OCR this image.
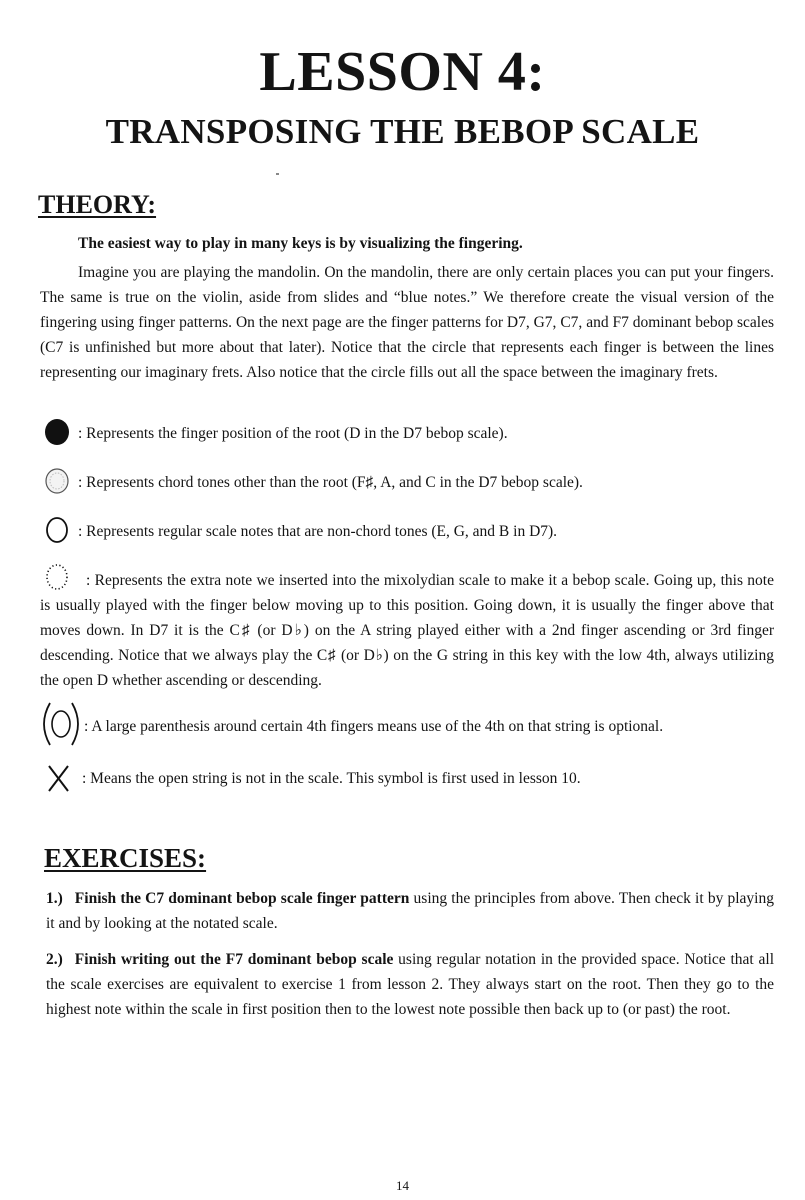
LESSON 4:
TRANSPOSING THE BEBOP SCALE
THEORY:
The easiest way to play in many keys is by visualizing the fingering.
Imagine you are playing the mandolin. On the mandolin, there are only certain places you can put your fingers. The same is true on the violin, aside from slides and “blue notes.” We therefore create the visual version of the fingering using finger patterns. On the next page are the finger patterns for D7, G7, C7, and F7 dominant bebop scales (C7 is unfinished but more about that later). Notice that the circle that represents each finger is between the lines representing our imaginary frets. Also notice that the circle fills out all the space between the imaginary frets.
: Represents the finger position of the root (D in the D7 bebop scale).
: Represents chord tones other than the root (F♯, A, and C in the D7 bebop scale).
: Represents regular scale notes that are non-chord tones (E, G, and B in D7).
: Represents the extra note we inserted into the mixolydian scale to make it a bebop scale. Going up, this note is usually played with the finger below moving up to this position. Going down, it is usually the finger above that moves down. In D7 it is the C♯ (or D♭) on the A string played either with a 2nd finger ascending or 3rd finger descending. Notice that we always play the C♯ (or D♭) on the G string in this key with the low 4th, always utilizing the open D whether ascending or descending.
: A large parenthesis around certain 4th fingers means use of the 4th on that string is optional.
: Means the open string is not in the scale. This symbol is first used in lesson 10.
EXERCISES:
1.) Finish the C7 dominant bebop scale finger pattern using the principles from above. Then check it by playing it and by looking at the notated scale.
2.) Finish writing out the F7 dominant bebop scale using regular notation in the provided space. Notice that all the scale exercises are equivalent to exercise 1 from lesson 2. They always start on the root. Then they go to the highest note within the scale in first position then to the lowest note possible then back up to (or past) the root.
14
